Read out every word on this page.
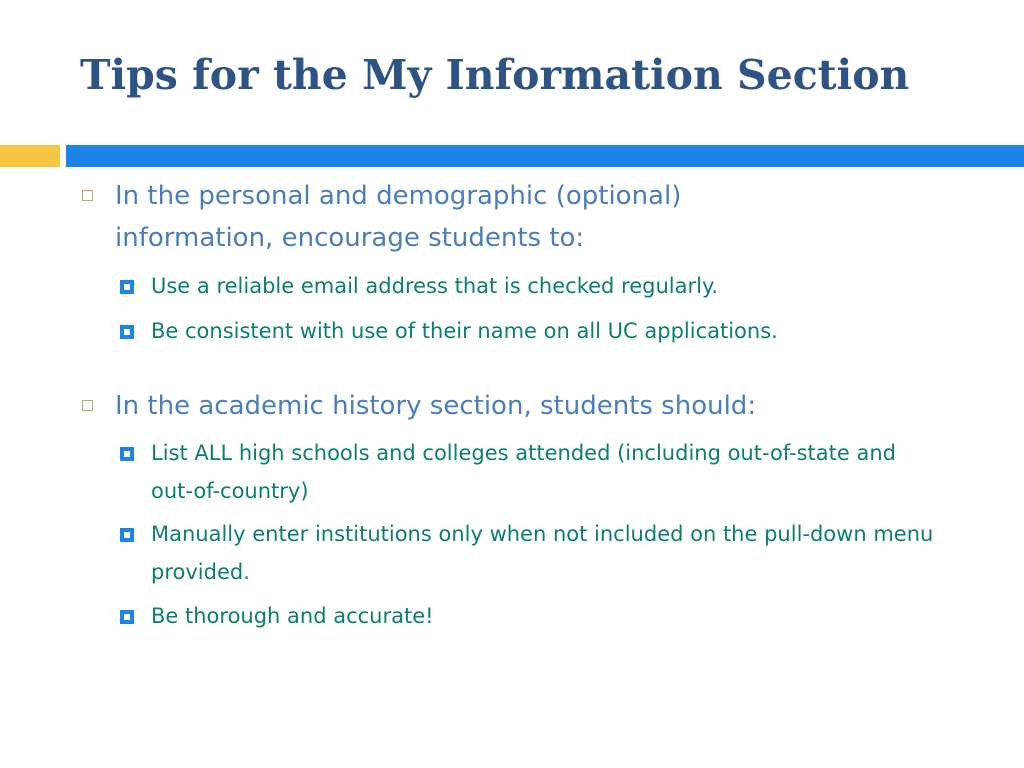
Tips for the My Information Section
In the personal and demographic (optional) information, encourage students to:
Use a reliable email address that is checked regularly.
Be consistent with use of their name on all UC applications.
In the academic history section, students should:
List ALL high schools and colleges attended (including out-of-state and out-of-country)
Manually enter institutions only when not included on the pull-down menu provided.
Be thorough and accurate!
